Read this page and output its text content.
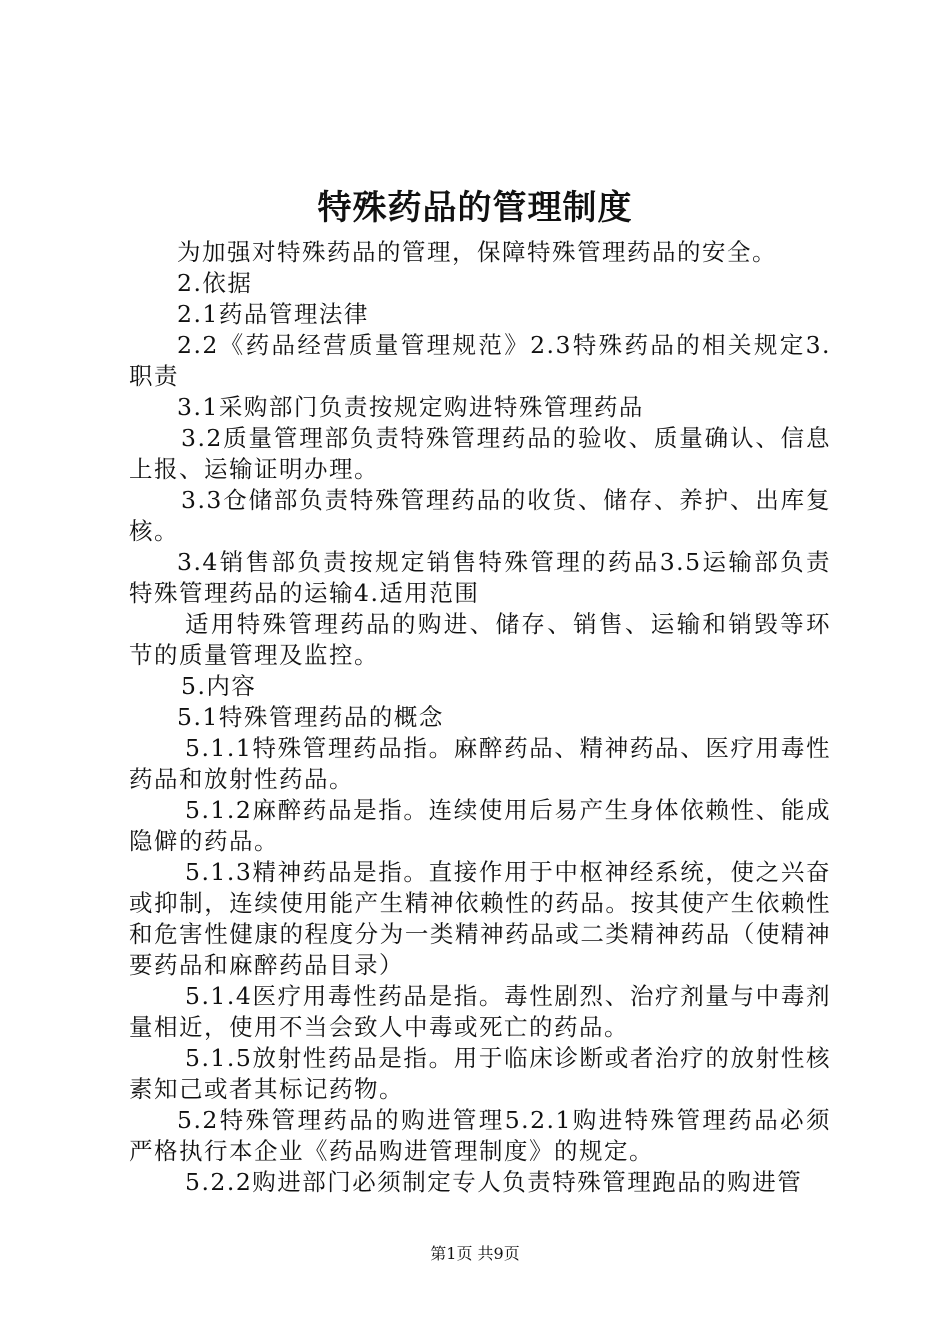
特殊药品的管理制度

为加强对特殊药品的管理，保障特殊管理药品的安全。

2.依据

2.1药品管理法律

2.2《药品经营质量管理规范》2.3特殊药品的相关规定3.职责

3.1采购部门负责按规定购进特殊管理药品

3.2质量管理部负责特殊管理药品的验收、质量确认、信息上报、运输证明办理。

3.3仓储部负责特殊管理药品的收货、储存、养护、出库复核。

3.4销售部负责按规定销售特殊管理的药品3.5运输部负责特殊管理药品的运输4.适用范围

适用特殊管理药品的购进、储存、销售、运输和销毁等环节的质量管理及监控。

5.内容

5.1特殊管理药品的概念

5.1.1特殊管理药品指。麻醉药品、精神药品、医疗用毒性药品和放射性药品。

5.1.2麻醉药品是指。连续使用后易产生身体依赖性、能成隐僻的药品。

5.1.3精神药品是指。直接作用于中枢神经系统，使之兴奋或抑制，连续使用能产生精神依赖性的药品。按其使产生依赖性和危害性健康的程度分为一类精神药品或二类精神药品（使精神要药品和麻醉药品目录）

5.1.4医疗用毒性药品是指。毒性剧烈、治疗剂量与中毒剂量相近，使用不当会致人中毒或死亡的药品。

5.1.5放射性药品是指。用于临床诊断或者治疗的放射性核素知己或者其标记药物。

5.2特殊管理药品的购进管理5.2.1购进特殊管理药品必须严格执行本企业《药品购进管理制度》的规定。

5.2.2购进部门必须制定专人负责特殊管理跑品的购进管

第1页 共9页
